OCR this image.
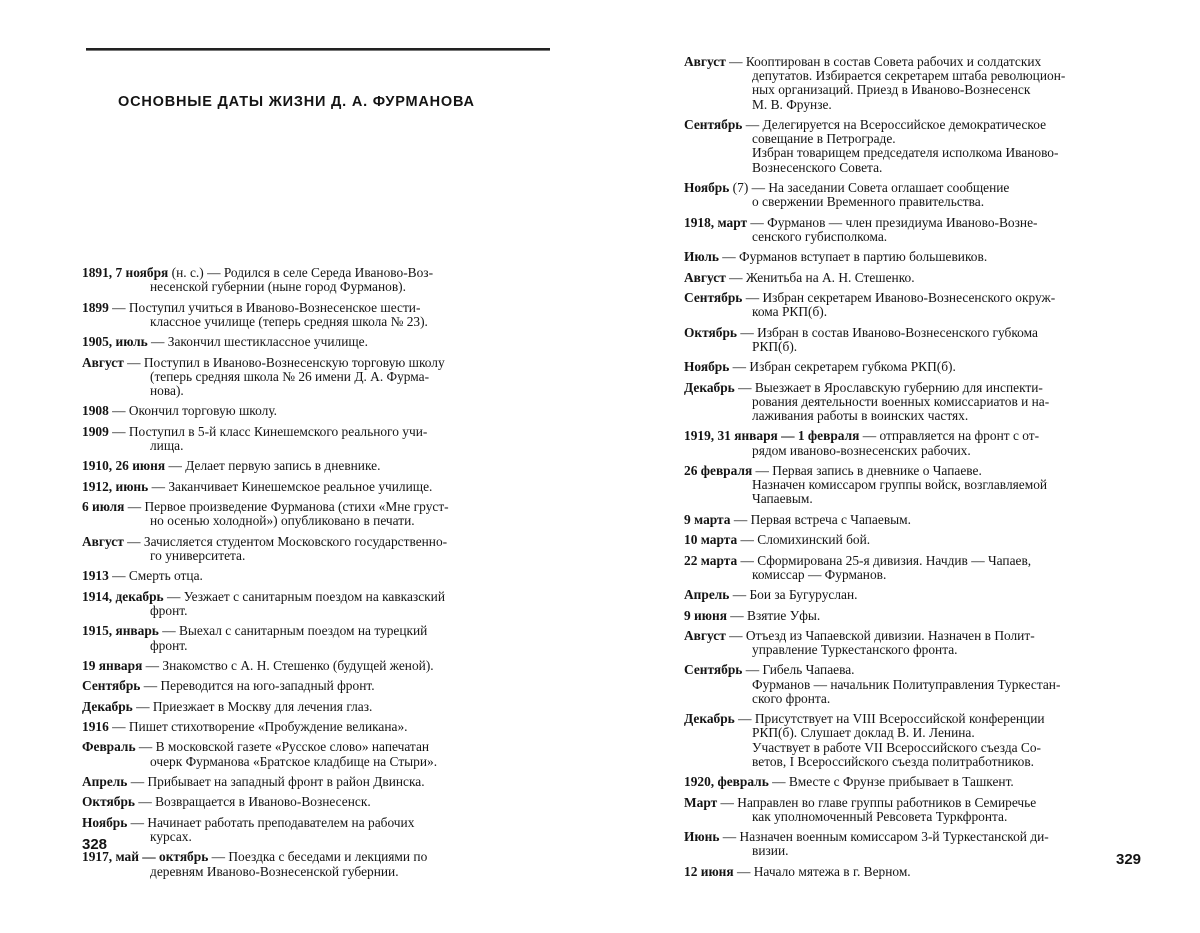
ОСНОВНЫЕ ДАТЫ ЖИЗНИ Д. А. ФУРМАНОВА
1891, 7 ноября (н. с.) — Родился в селе Середа Иваново-Воз-
несенской губернии (ныне город Фурманов).
1899 — Поступил учиться в Иваново-Вознесенское шести-
классное училище (теперь средняя школа № 23).
1905, июль — Закончил шестиклассное училище.
Август — Поступил в Иваново-Вознесенскую торговую школу
(теперь средняя школа № 26 имени Д. А. Фурма-
нова).
1908 — Окончил торговую школу.
1909 — Поступил в 5-й класс Кинешемского реального учи-
лища.
1910, 26 июня — Делает первую запись в дневнике.
1912, июнь — Заканчивает Кинешемское реальное училище.
6 июля — Первое произведение Фурманова (стихи «Мне груст-
но осенью холодной») опубликовано в печати.
Август — Зачисляется студентом Московского государственно-
го университета.
1913 — Смерть отца.
1914, декабрь — Уезжает с санитарным поездом на кавказский
фронт.
1915, январь — Выехал с санитарным поездом на турецкий
фронт.
19 января — Знакомство с А. Н. Стешенко (будущей женой).
Сентябрь — Переводится на юго-западный фронт.
Декабрь — Приезжает в Москву для лечения глаз.
1916 — Пишет стихотворение «Пробуждение великана».
Февраль — В московской газете «Русское слово» напечатан
очерк Фурманова «Братское кладбище на Стыри».
Апрель — Прибывает на западный фронт в район Двинска.
Октябрь — Возвращается в Иваново-Вознесенск.
Ноябрь — Начинает работать преподавателем на рабочих
курсах.
1917, май — октябрь — Поездка с беседами и лекциями по
деревням Иваново-Вознесенской губернии.
328
Август — Кооптирован в состав Совета рабочих и солдатских
депутатов. Избирается секретарем штаба революцион-
ных организаций. Приезд в Иваново-Вознесенск
М. В. Фрунзе.
Сентябрь — Делегируется на Всероссийское демократическое
совещание в Петрограде.
Избран товарищем председателя исполкома Иваново-
Вознесенского Совета.
Ноябрь (7) — На заседании Совета оглашает сообщение
о свержении Временного правительства.
1918, март — Фурманов — член президиума Иваново-Возне-
сенского губисполкома.
Июль — Фурманов вступает в партию большевиков.
Август — Женитьба на А. Н. Стешенко.
Сентябрь — Избран секретарем Иваново-Вознесенского окруж-
кома РКП(б).
Октябрь — Избран в состав Иваново-Вознесенского губкома
РКП(б).
Ноябрь — Избран секретарем губкома РКП(б).
Декабрь — Выезжает в Ярославскую губернию для инспекти-
рования деятельности военных комиссариатов и на-
лаживания работы в воинских частях.
1919, 31 января — 1 февраля — отправляется на фронт с от-
рядом иваново-вознесенских рабочих.
26 февраля — Первая запись в дневнике о Чапаеве.
Назначен комиссаром группы войск, возглавляемой
Чапаевым.
9 марта — Первая встреча с Чапаевым.
10 марта — Сломихинский бой.
22 марта — Сформирована 25-я дивизия. Начдив — Чапаев,
комиссар — Фурманов.
Апрель — Бои за Бугуруслан.
9 июня — Взятие Уфы.
Август — Отъезд из Чапаевской дивизии. Назначен в Полит-
управление Туркестанского фронта.
Сентябрь — Гибель Чапаева.
Фурманов — начальник Политуправления Туркестан-
ского фронта.
Декабрь — Присутствует на VIII Всероссийской конференции
РКП(б). Слушает доклад В. И. Ленина.
Участвует в работе VII Всероссийского съезда Со-
ветов, I Всероссийского съезда политработников.
1920, февраль — Вместе с Фрунзе прибывает в Ташкент.
Март — Направлен во главе группы работников в Семиречье
как уполномоченный Ревсовета Туркфронта.
Июнь — Назначен военным комиссаром 3-й Туркестанской ди-
визии.
12 июня — Начало мятежа в г. Верном.
329
